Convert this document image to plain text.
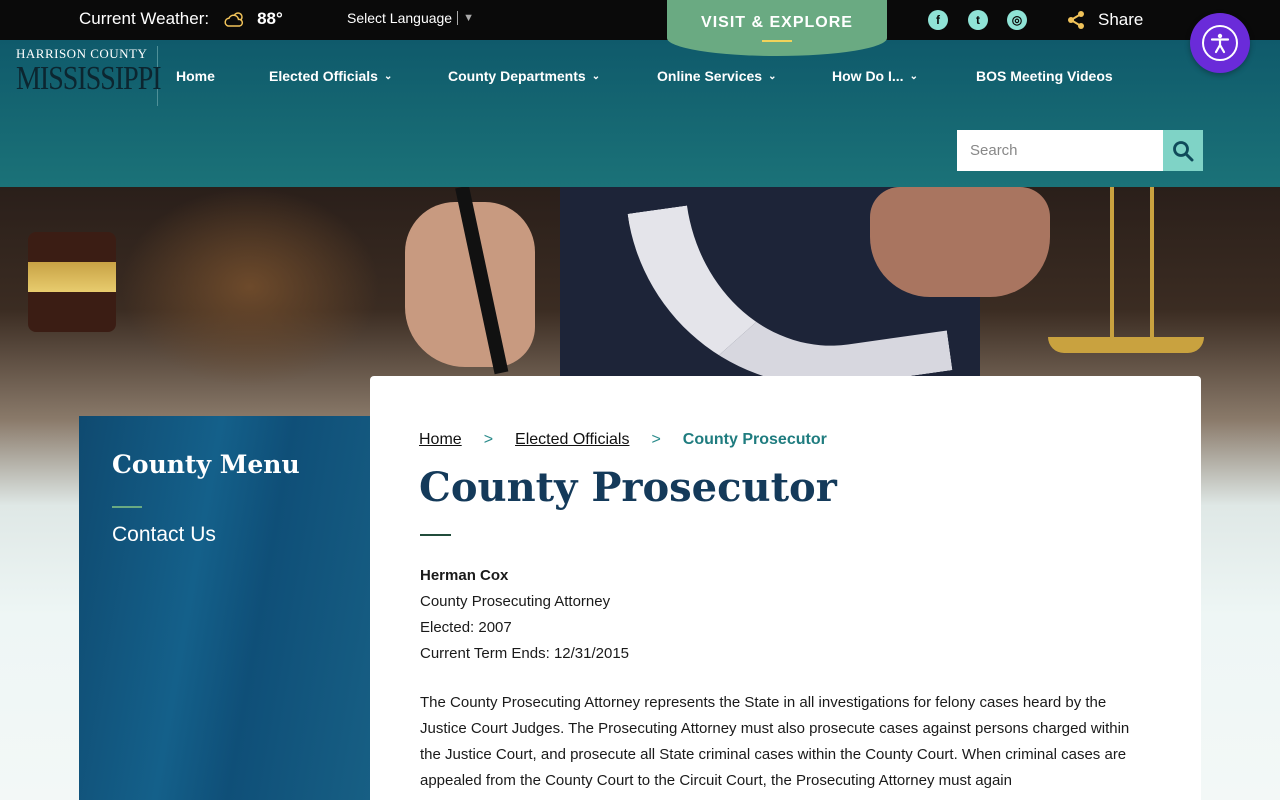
Current Weather:	88°	Select Language ▼	VISIT & EXPLORE	f	t	◎	Share
HARRISON COUNTY
MISSISSIPPI Home	Elected Officials ⌄	County Departments ⌄	Online Services ⌄	How Do I... ⌄	BOS Meeting Videos
Search
County Menu
Contact Us
Home > Elected Officials > County Prosecutor
County Prosecutor
Herman Cox
County Prosecuting Attorney
Elected: 2007
Current Term Ends: 12/31/2015

The County Prosecuting Attorney represents the State in all investigations for felony cases heard by the Justice Court Judges. The Prosecuting Attorney must also prosecute cases against persons charged within the Justice Court, and prosecute all State criminal cases within the County Court. When criminal cases are appealed from the County Court to the Circuit Court, the Prosecuting Attorney must again
